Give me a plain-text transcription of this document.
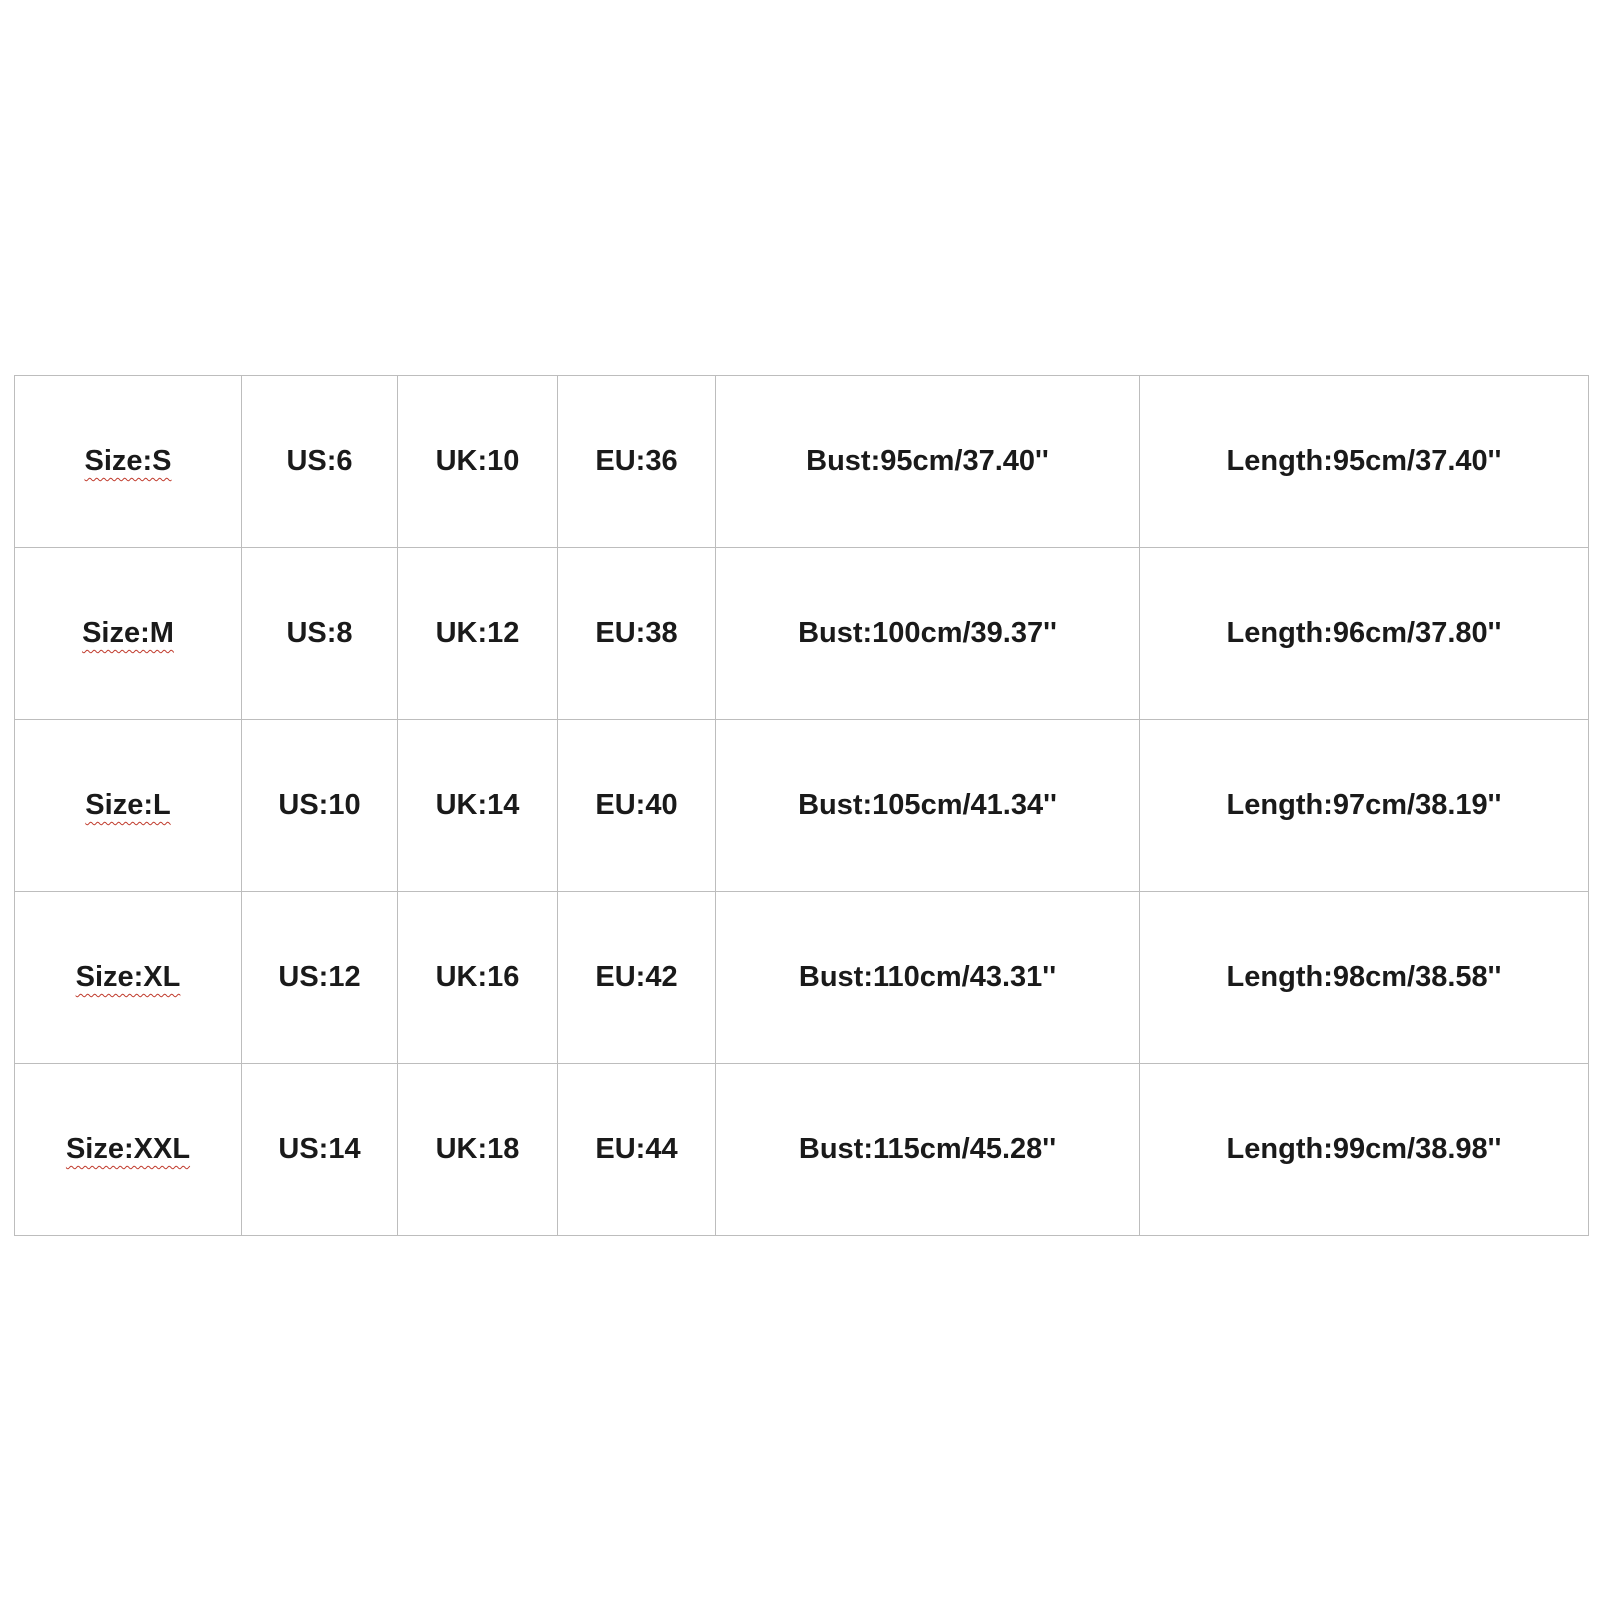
Size:S	US:6	UK:10	EU:36	Bust:95cm/37.40''	Length:95cm/37.40''
Size:M	US:8	UK:12	EU:38	Bust:100cm/39.37''	Length:96cm/37.80''
Size:L	US:10	UK:14	EU:40	Bust:105cm/41.34''	Length:97cm/38.19''
Size:XL	US:12	UK:16	EU:42	Bust:110cm/43.31''	Length:98cm/38.58''
Size:XXL	US:14	UK:18	EU:44	Bust:115cm/45.28''	Length:99cm/38.98''
